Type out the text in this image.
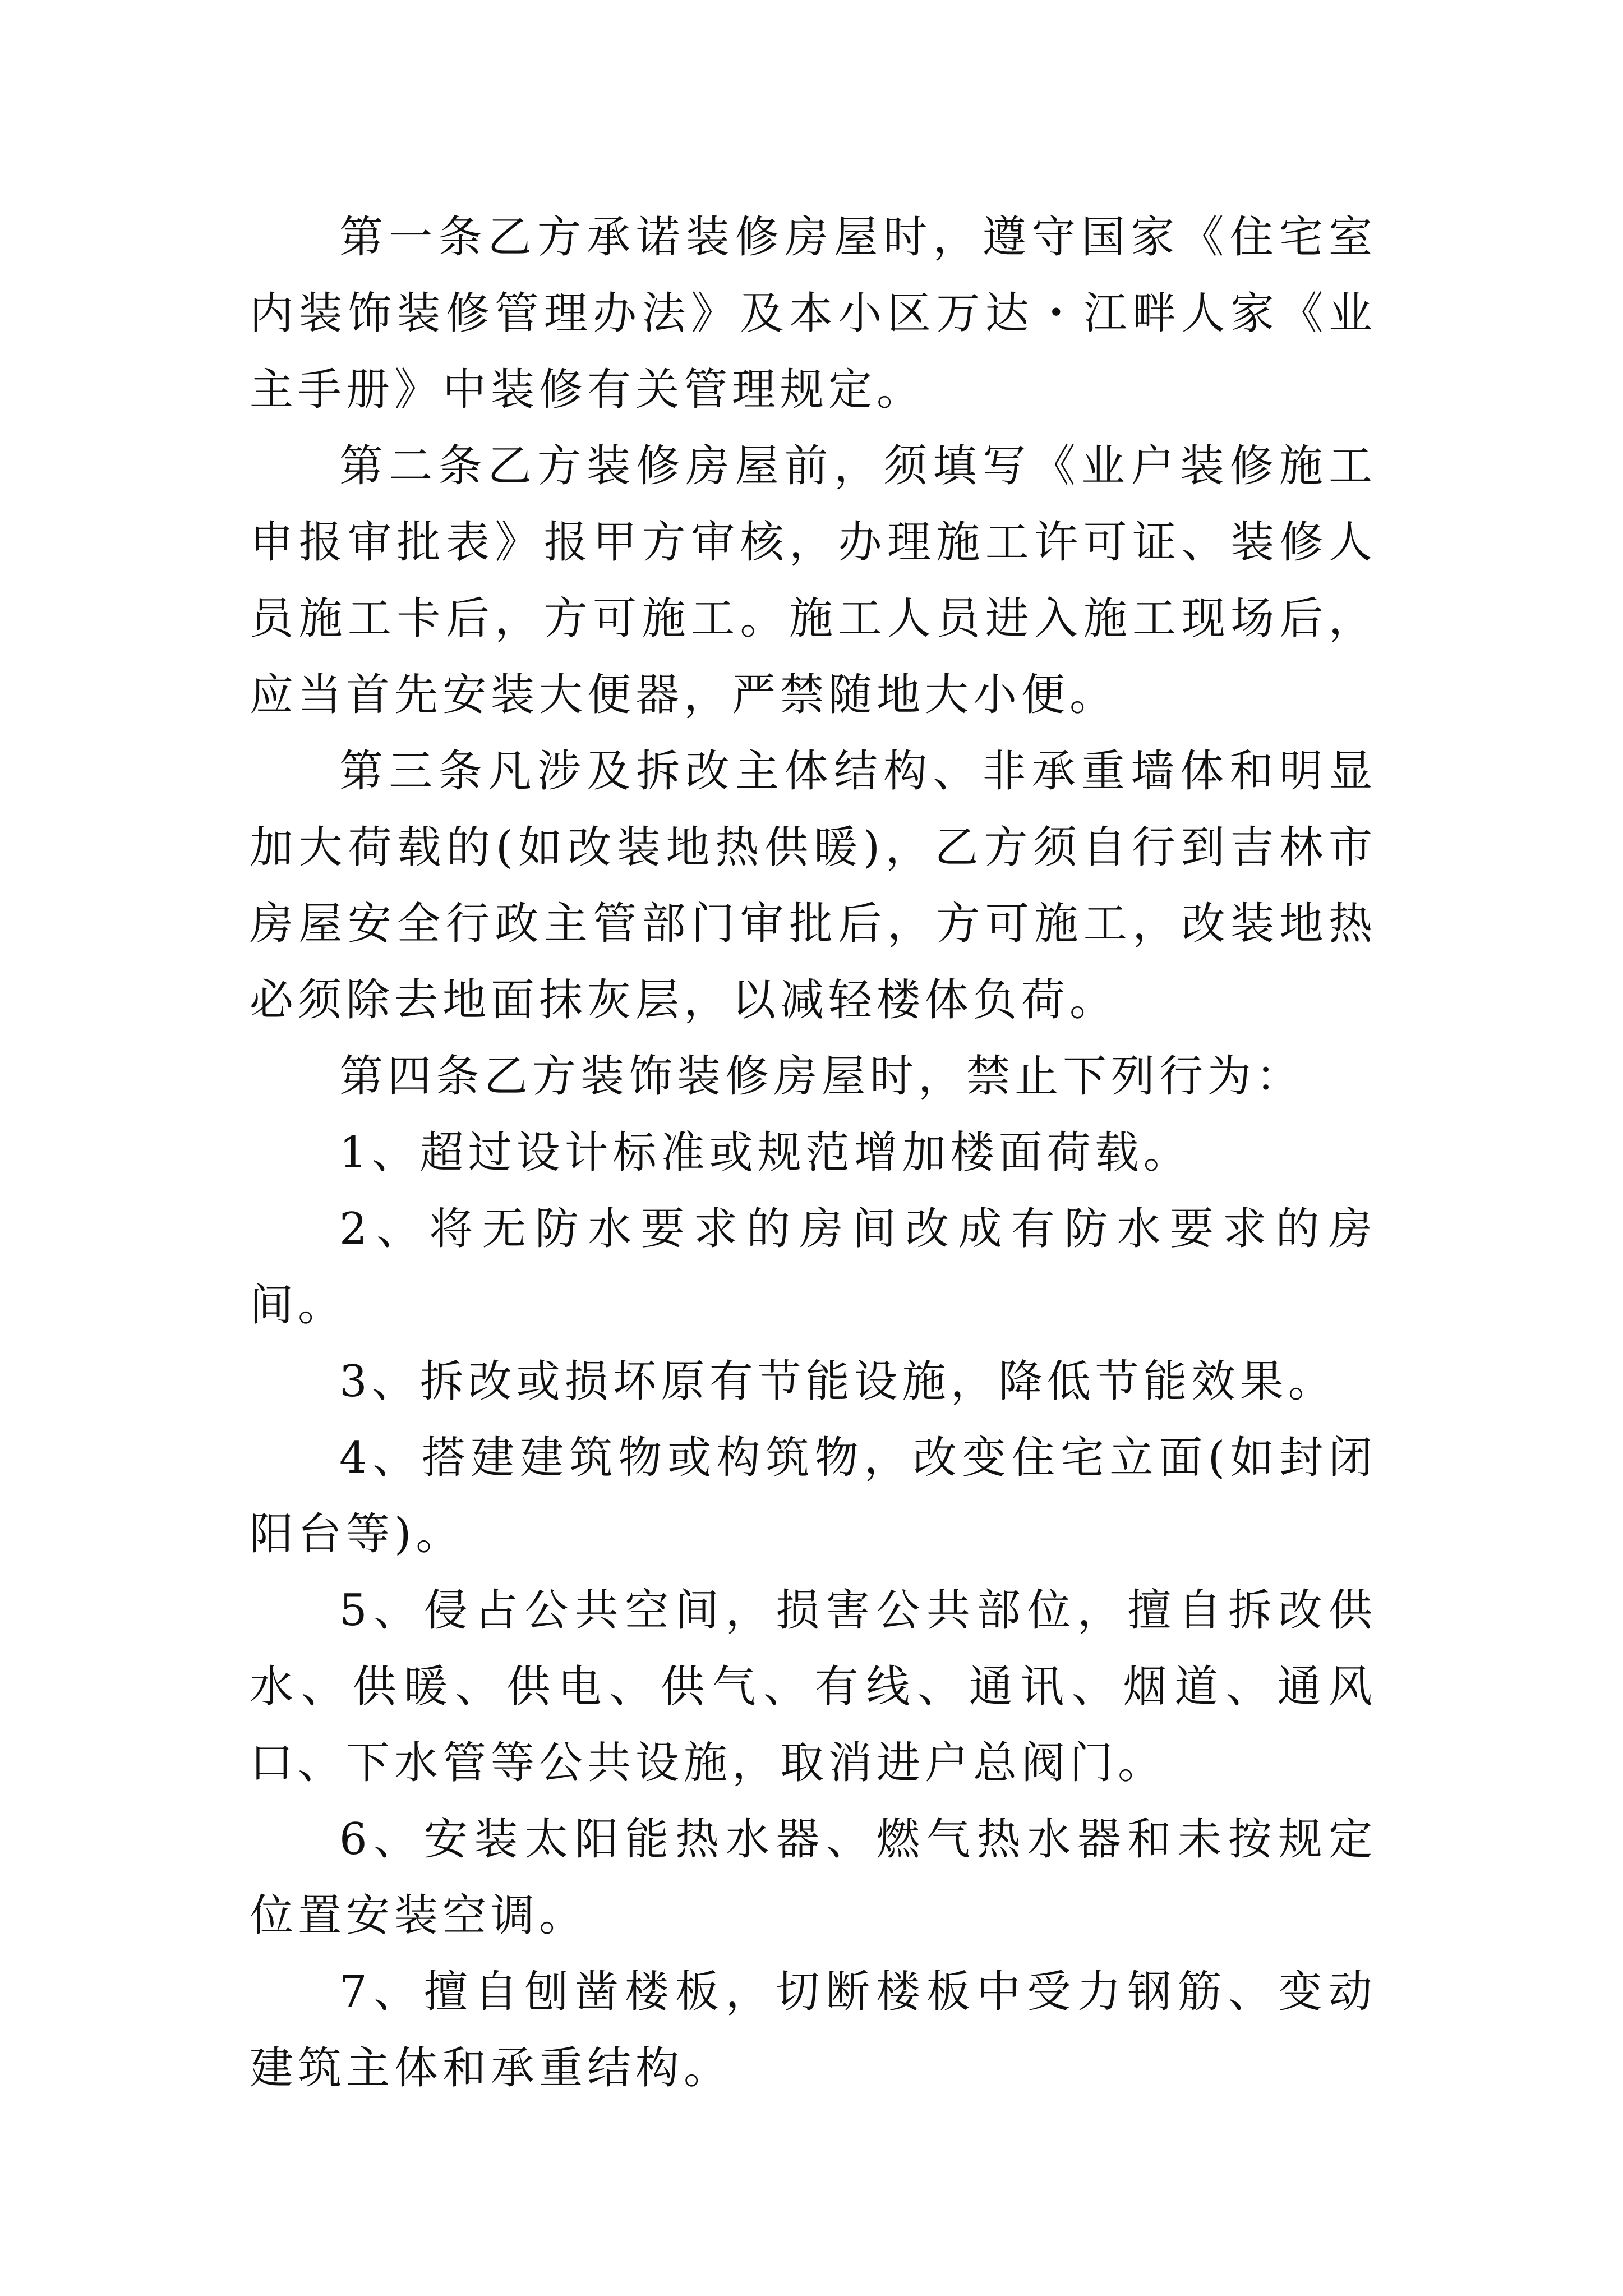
第一条乙方承诺装修房屋时，遵守国家《住宅室内装饰装修管理办法》及本小区万达・江畔人家《业主手册》中装修有关管理规定。

第二条乙方装修房屋前，须填写《业户装修施工申报审批表》报甲方审核，办理施工许可证、装修人员施工卡后，方可施工。施工人员进入施工现场后，应当首先安装大便器，严禁随地大小便。

第三条凡涉及拆改主体结构、非承重墙体和明显加大荷载的(如改装地热供暖)，乙方须自行到吉林市房屋安全行政主管部门审批后，方可施工，改装地热必须除去地面抹灰层，以减轻楼体负荷。

第四条乙方装饰装修房屋时，禁止下列行为：

1、超过设计标准或规范增加楼面荷载。

2、将无防水要求的房间改成有防水要求的房间。

3、拆改或损坏原有节能设施，降低节能效果。

4、搭建建筑物或构筑物，改变住宅立面(如封闭阳台等)。

5、侵占公共空间，损害公共部位，擅自拆改供水、供暖、供电、供气、有线、通讯、烟道、通风口、下水管等公共设施，取消进户总阀门。

6、安装太阳能热水器、燃气热水器和未按规定位置安装空调。

7、擅自刨凿楼板，切断楼板中受力钢筋、变动建筑主体和承重结构。
